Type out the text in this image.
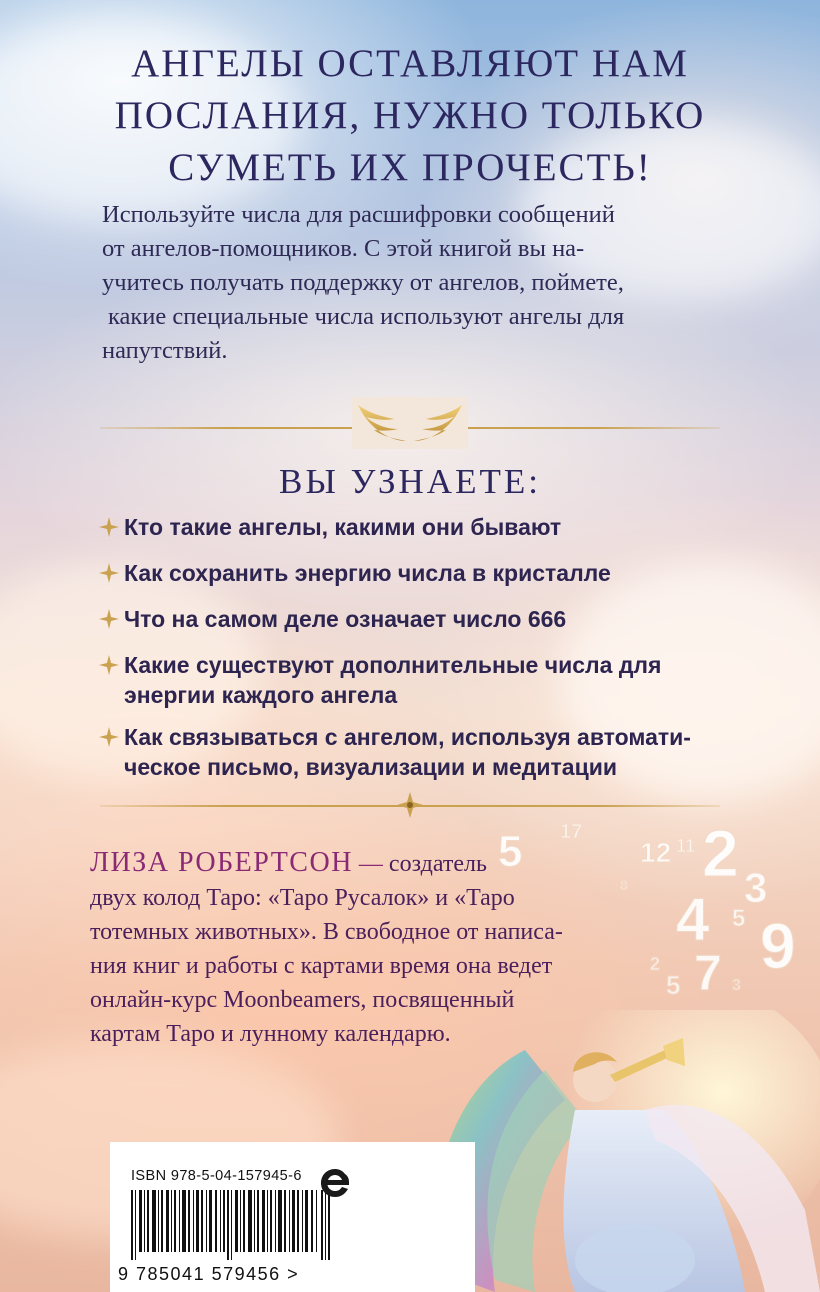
АНГЕЛЫ ОСТАВЛЯЮТ НАМ
ПОСЛАНИЯ, НУЖНО ТОЛЬКО
СУМЕТЬ ИХ ПРОЧЕСТЬ!
Используйте числа для расшифровки сообщений
от ангелов-помощников. С этой книгой вы на-
учитесь получать поддержку от ангелов, поймете,
какие специальные числа используют ангелы для
напутствий.
ВЫ УЗНАЕТЕ:
Кто такие ангелы, какими они бывают
Как сохранить энергию числа в кристалле
Что на самом деле означает число 666
Какие существуют дополнительные числа для
энергии каждого ангела
Как связываться с ангелом, используя автомати-
ческое письмо, визуализации и медитации
5	12 2
11
4 5
3
9
7
5
2
17
8
3
ЛИЗА РОБЕРТСОН — создатель
двух колод Таро: «Таро Русалок» и «Таро
тотемных животных». В свободное от написа-
ния книг и работы с картами время она ведет
онлайн-курс Moonbeamers, посвященный
картам Таро и лунному календарю.
ISBN 978-5-04-157945-6
9 785041 579456 >
